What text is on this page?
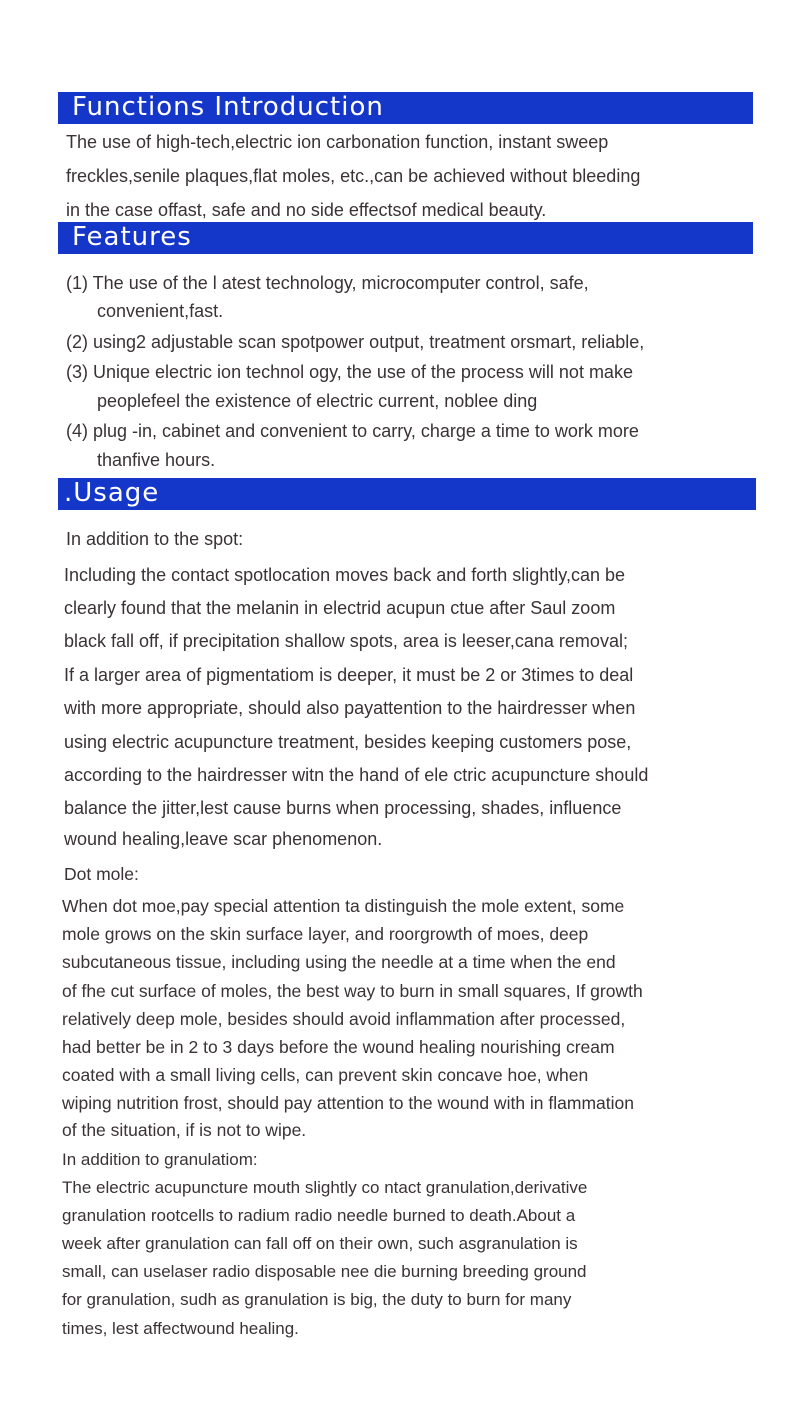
Functions Introduction
The use of high-tech,electric ion carbonation function, instant sweep
freckles,senile plaques,flat moles, etc.,can be achieved without bleeding
in the case offast, safe and no side effectsof medical beauty.
Features
(1) The use of the l atest technology, microcomputer control, safe,
convenient,fast.
(2) using2 adjustable scan spotpower output, treatment orsmart, reliable,
(3) Unique electric ion technol ogy, the use of the process will not make
peoplefeel the existence of electric current, noblee ding
(4) plug -in, cabinet and convenient to carry, charge a time to work more
thanfive hours.
.Usage
In addition to the spot:
Including the contact spotlocation moves back and forth slightly,can be
clearly found that the melanin in electrid acupun ctue after Saul zoom
black fall off, if precipitation shallow spots, area is leeser,cana removal;
If a larger area of pigmentatiom is deeper, it must be 2 or 3times to deal
with more appropriate, should also payattention to the hairdresser when
using electric acupuncture treatment, besides keeping customers pose,
according to the hairdresser witn the hand of ele ctric acupuncture should
balance the jitter,lest cause burns when processing, shades, influence
wound healing,leave scar phenomenon.
Dot mole:
When dot moe,pay special attention ta distinguish the mole extent, some
mole grows on the skin surface layer, and roorgrowth of moes, deep
subcutaneous tissue, including using the needle at a time when the end
of fhe cut surface of moles, the best way to burn in small squares, If growth
relatively deep mole, besides should avoid inflammation after processed,
had better be in 2 to 3 days before the wound healing nourishing cream
coated with a small living cells, can prevent skin concave hoe, when
wiping nutrition frost, should pay attention to the wound with in flammation
of the situation, if is not to wipe.
In addition to granulatiom:
The electric acupuncture mouth slightly co ntact granulation,derivative
granulation rootcells to radium radio needle burned to death.About a
week after granulation can fall off on their own, such asgranulation is
small, can uselaser radio disposable nee die burning breeding ground
for granulation, sudh as granulation is big, the duty to burn for many
times, lest affectwound healing.
